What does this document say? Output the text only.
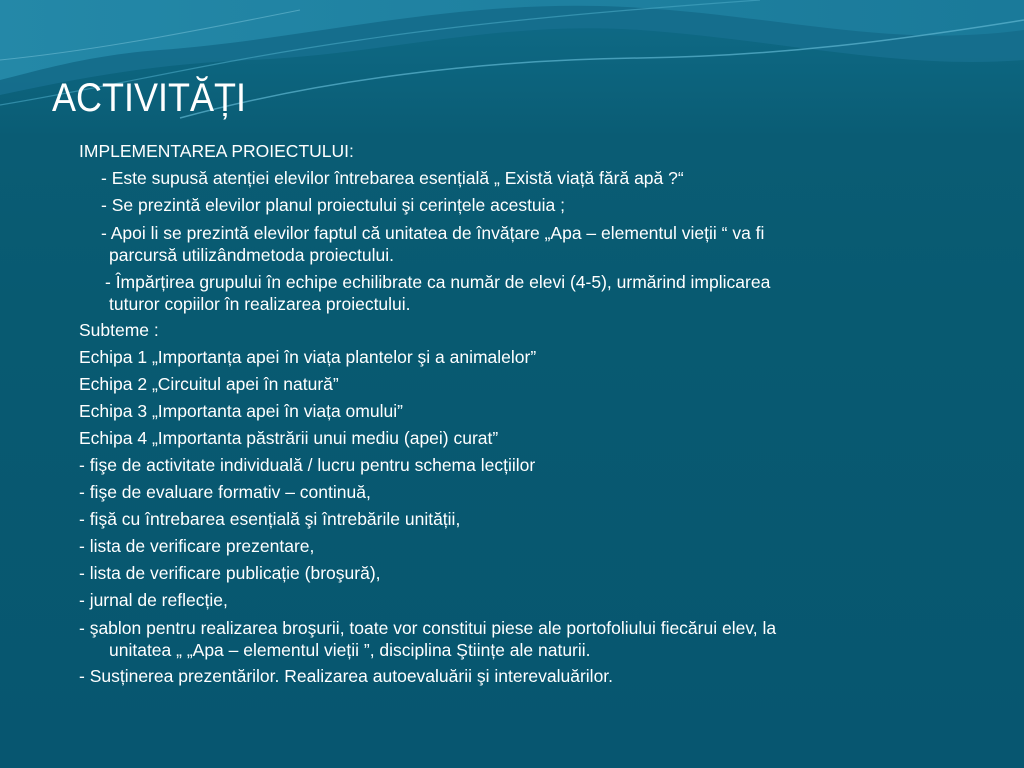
ACTIVITĂȚI
IMPLEMENTAREA PROIECTULUI:
- Este supusă atenției elevilor întrebarea esențială „ Există viață fără apă ?“
- Se prezintă elevilor planul proiectului şi cerințele acestuia ;
- Apoi li se prezintă elevilor faptul că unitatea de învățare „Apa – elementul vieții “ va fi
parcursă utilizândmetoda proiectului.
- Împărțirea grupului în echipe echilibrate ca număr de elevi (4-5), urmărind implicarea
tuturor copiilor în realizarea proiectului.
Subteme :
Echipa 1 „Importanța apei în viața plantelor şi a animalelor”
Echipa 2 „Circuitul apei în natură”
Echipa 3 „Importanta apei în viața omului”
Echipa 4 „Importanta păstrării unui mediu (apei) curat”
- fişe de activitate individuală / lucru pentru schema lecțiilor
- fişe de evaluare formativ – continuă,
- fişă cu întrebarea esențială şi întrebările unității,
- lista de verificare prezentare,
- lista de verificare publicație (broşură),
- jurnal de reflecție,
- şablon pentru realizarea broşurii, toate vor constitui piese ale portofoliului fiecărui elev, la
unitatea „ „Apa – elementul vieții ”, disciplina Ştiințe ale naturii.
- Susținerea prezentărilor. Realizarea autoevaluării şi interevaluărilor.
